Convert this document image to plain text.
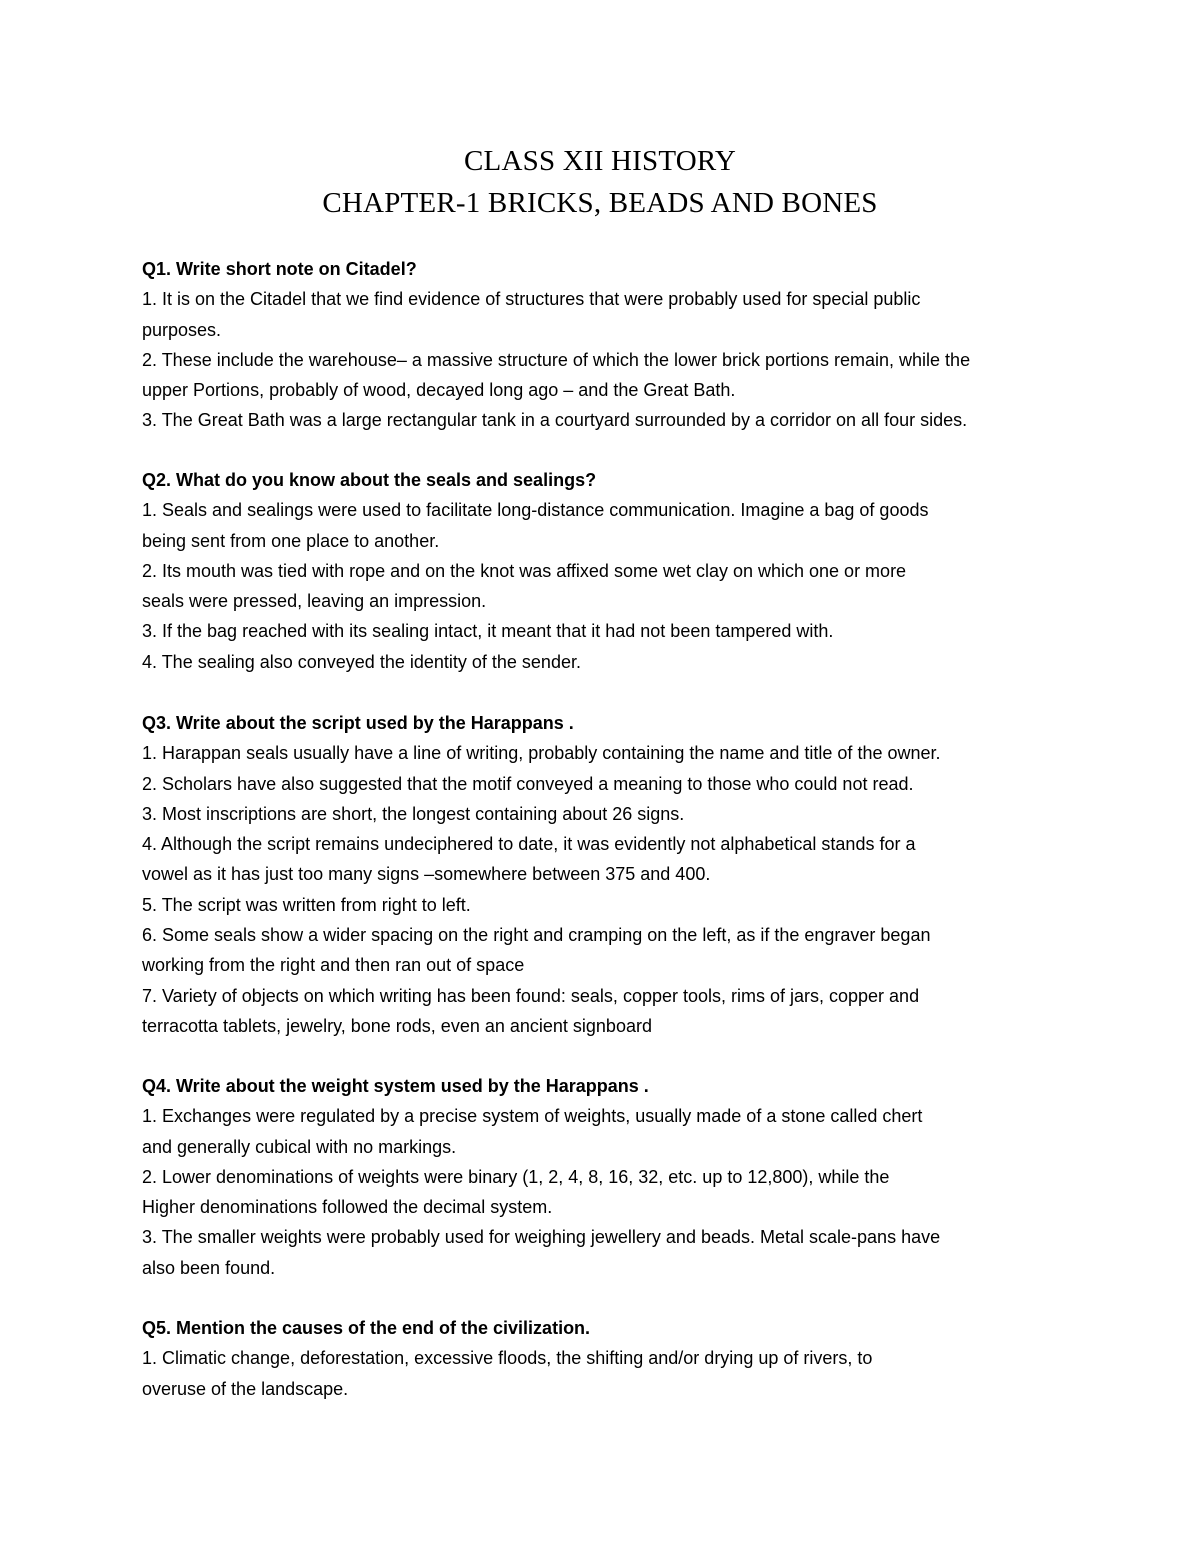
CLASS XII HISTORY
CHAPTER-1 BRICKS, BEADS AND BONES
Q1. Write short note on Citadel?
1. It is on the Citadel that we find evidence of structures that were probably used for special public
purposes.
2. These include the warehouse– a massive structure of which the lower brick portions remain, while the
upper Portions, probably of wood, decayed long ago – and the Great Bath.
3. The Great Bath was a large rectangular tank in a courtyard surrounded by a corridor on all four sides.
Q2. What do you know about the seals and sealings?
1. Seals and sealings were used to facilitate long-distance communication. Imagine a bag of goods
being sent from one place to another.
2. Its mouth was tied with rope and on the knot was affixed some wet clay on which one or more
seals were pressed, leaving an impression.
3. If the bag reached with its sealing intact, it meant that it had not been tampered with.
4. The sealing also conveyed the identity of the sender.
Q3. Write about the script used by the Harappans .
1. Harappan seals usually have a line of writing, probably containing the name and title of the owner.
2. Scholars have also suggested that the motif conveyed a meaning to those who could not read.
3. Most inscriptions are short, the longest containing about 26 signs.
4. Although the script remains undeciphered to date, it was evidently not alphabetical stands for a
vowel as it has just too many signs –somewhere between 375 and 400.
5. The script was written from right to left.
6. Some seals show a wider spacing on the right and cramping on the left, as if the engraver began
working from the right and then ran out of space
7. Variety of objects on which writing has been found: seals, copper tools, rims of jars, copper and
terracotta tablets, jewelry, bone rods, even an ancient signboard
Q4. Write about the weight system used by the Harappans .
1. Exchanges were regulated by a precise system of weights, usually made of a stone called chert
and generally cubical with no markings.
2. Lower denominations of weights were binary (1, 2, 4, 8, 16, 32, etc. up to 12,800), while the
Higher denominations followed the decimal system.
3. The smaller weights were probably used for weighing jewellery and beads. Metal scale-pans have
also been found.
Q5. Mention the causes of the end of the civilization.
1. Climatic change, deforestation, excessive floods, the shifting and/or drying up of rivers, to
overuse of the landscape.
